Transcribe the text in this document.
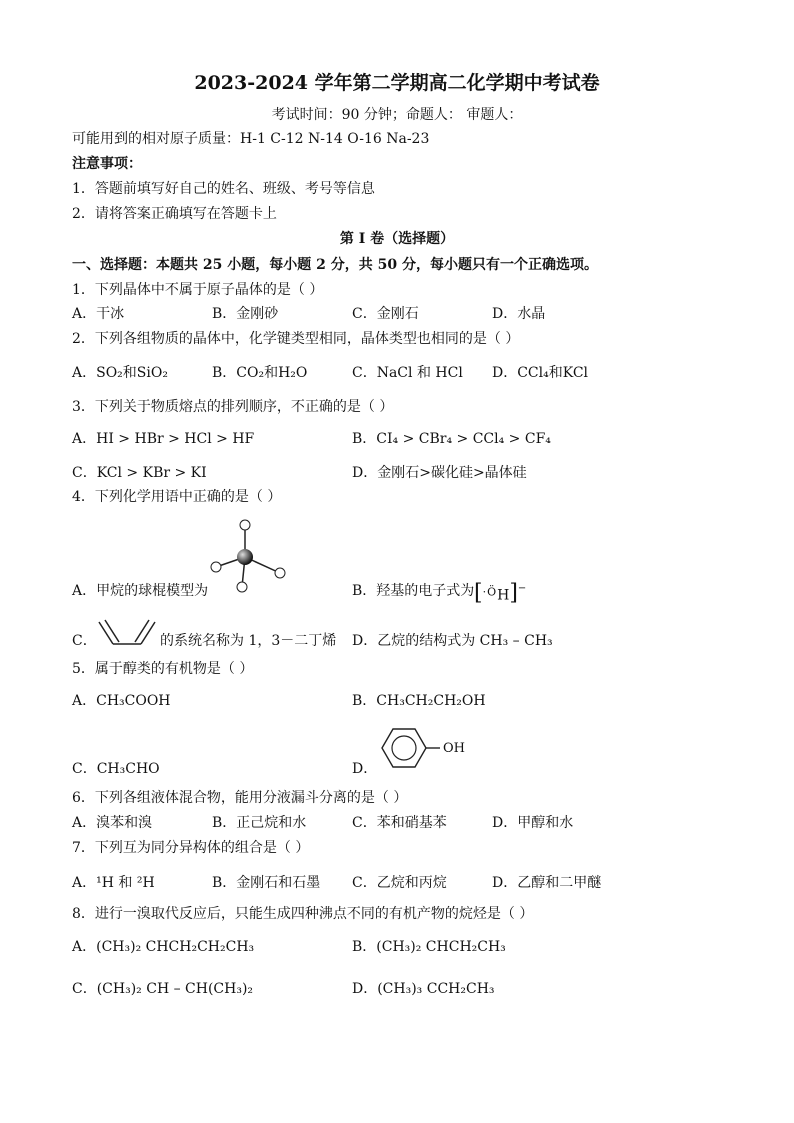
2023-2024 学年第二学期高二化学期中考试卷
考试时间：90 分钟；命题人： 审题人：
可能用到的相对原子质量：H-1 C-12 N-14 O-16 Na-23
注意事项：
1．答题前填写好自己的姓名、班级、考号等信息
2．请将答案正确填写在答题卡上
第 I 卷（选择题）
一、选择题：本题共 25 小题，每小题 2 分，共 50 分，每小题只有一个正确选项。
1．下列晶体中不属于原子晶体的是（ ）
A．干冰	B．金刚砂	C．金刚石	D．水晶
2．下列各组物质的晶体中，化学键类型相同，晶体类型也相同的是（ ）
A．SO₂和SiO₂	B．CO₂和H₂O	C．NaCl 和 HCl D．CCl₄和KCl
3．下列关于物质熔点的排列顺序，不正确的是（ ）
A．HI > HBr > HCl > HF	B．CI₄ > CBr₄ > CCl₄ > CF₄
C．KCl > KBr > KI	D．金刚石>碳化硅>晶体硅
4．下列化学用语中正确的是（ ）
A．甲烷的球棍模型为	B．羟基的电子式为 [·ÖH]−
C．	的系统名称为 1，3－二丁烯 D．乙烷的结构式为 CH₃ – CH₃
5．属于醇类的有机物是（ ）
A．CH₃COOH	B．CH₃CH₂CH₂OH
C．CH₃CHO	D．
OH
6．下列各组液体混合物，能用分液漏斗分离的是（ ）
A．溴苯和溴	B．正己烷和水	C．苯和硝基苯	D．甲醇和水
7．下列互为同分异构体的组合是（ ）
A．¹H 和 ²H	B．金刚石和石墨 C．乙烷和丙烷	D．乙醇和二甲醚
8．进行一溴取代反应后，只能生成四种沸点不同的有机产物的烷烃是（ ）
A．(CH₃)₂ CHCH₂CH₂CH₃	B．(CH₃)₂ CHCH₂CH₃
C．(CH₃)₂ CH – CH(CH₃)₂	D．(CH₃)₃ CCH₂CH₃
